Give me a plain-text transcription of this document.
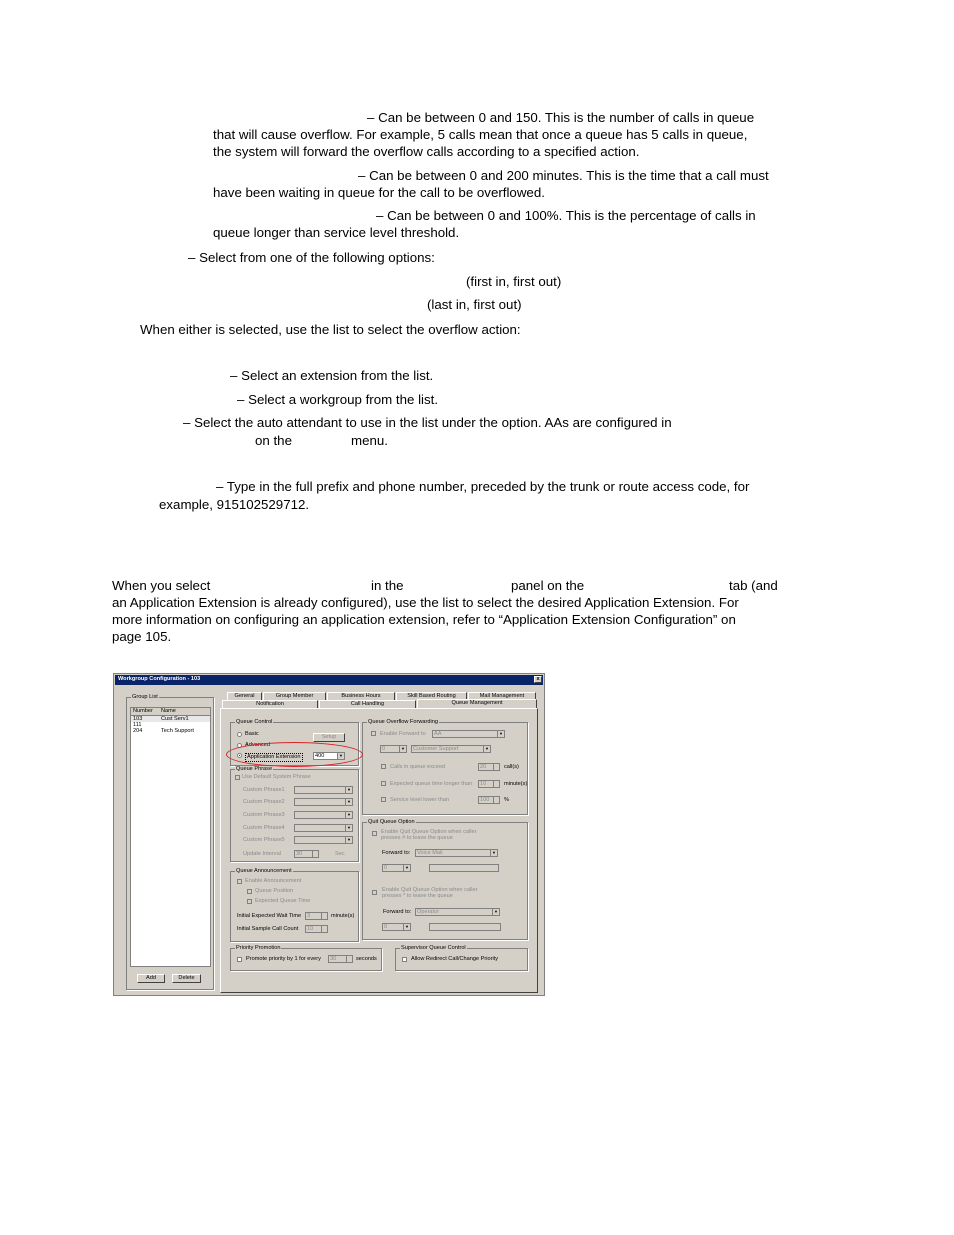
– Can be between 0 and 150. This is the number of calls in queue
that will cause overflow. For example, 5 calls mean that once a queue has 5 calls in queue,
the system will forward the overflow calls according to a specified action.
– Can be between 0 and 200 minutes. This is the time that a call must
have been waiting in queue for the call to be overflowed.
– Can be between 0 and 100%. This is the percentage of calls in
queue longer than service level threshold.
– Select from one of the following options:
(first in, first out)
(last in, first out)
When either is selected, use the list to select the overflow action:
– Select an extension from the list.
– Select a workgroup from the list.
– Select the auto attendant to use in the list under the option. AAs are configured in
on the	menu.
– Type in the full prefix and phone number, preceded by the trunk or route access code, for
example, 915102529712.
When you select	in the	panel on the	tab (and
an Application Extension is already configured), use the list to select the desired Application Extension. For
more information on configuring an application extension, refer to “Application Extension Configuration” on
page 105.
Workgroup Configuration - 103	x
Group List
Number Name
103	Cust Serv1
111
204	Tech Support
Add	Delete
General	Group Member	Business Hours	Skill Based Routing	Mail Management
Notification	Call Handling	Queue Management
Queue Control
Basic	Setup
Advanced
Application Extension	400	▼
Queue Phrase
Use Default System Phrase
Custom Phrase1	▼
Custom Phrase2	▼
Custom Phrase3	▼
Custom Phrase4	▼
Custom Phrase5	▼
Update Interval	30	Sec
Queue Announcement
Enable Announcement
Queue Position
Expected Queue Time
Initial Expected Wait Time 3	minute(s)
Initial Sample Call Count 10
Queue Overflow Forwarding
Enable Forward to AA	▼
0	▼ Customer Support	▼
Calls in queue exceed	20	call(s)
Expected queue time longer than 10	minute(s)
Service level lower than	100	%
Quit Queue Option
Enable Quit Queue Option when caller
presses # to leave the queue
Forward to: Voice Mail	▼
0	▼
Enable Quit Queue Option when caller
presses * to leave the queue
Forward to: Operator	▼
0	▼
Priority Promotion
Promote priority by 1 for every 30	seconds
Supervisor Queue Control
Allow Redirect Call/Change Priority
